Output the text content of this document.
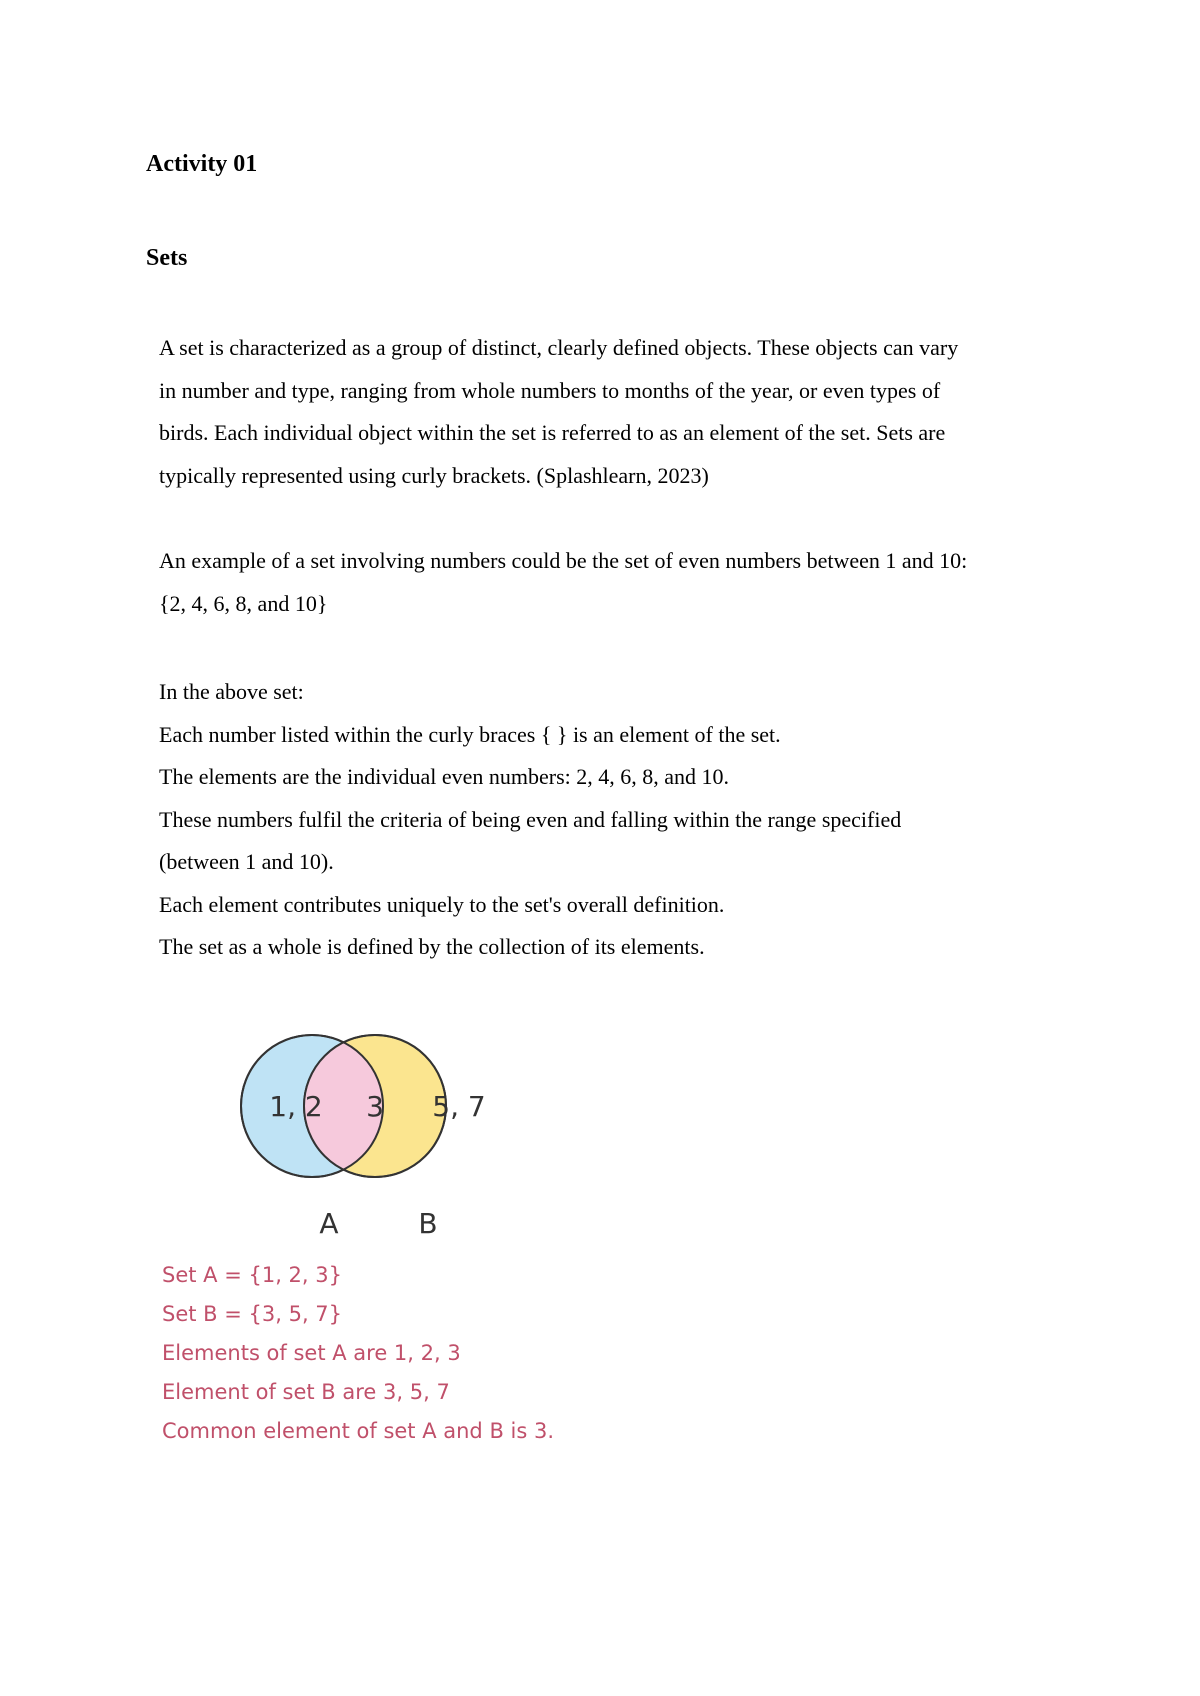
Activity 01
Sets

A set is characterized as a group of distinct, clearly defined objects. These objects can vary
in number and type, ranging from whole numbers to months of the year, or even types of
birds. Each individual object within the set is referred to as an element of the set. Sets are
typically represented using curly brackets. (Splashlearn, 2023)

An example of a set involving numbers could be the set of even numbers between 1 and 10:
{2, 4, 6, 8, and 10}

In the above set:
Each number listed within the curly braces { } is an element of the set.
The elements are the individual even numbers: 2, 4, 6, 8, and 10.
These numbers fulfil the criteria of being even and falling within the range specified
(between 1 and 10).
Each element contributes uniquely to the set's overall definition.
The set as a whole is defined by the collection of its elements.

1, 2 3 5, 7
A	B
Set A = {1, 2, 3}
Set B = {3, 5, 7}
Elements of set A are 1, 2, 3
Element of set B are 3, 5, 7
Common element of set A and B is 3.
